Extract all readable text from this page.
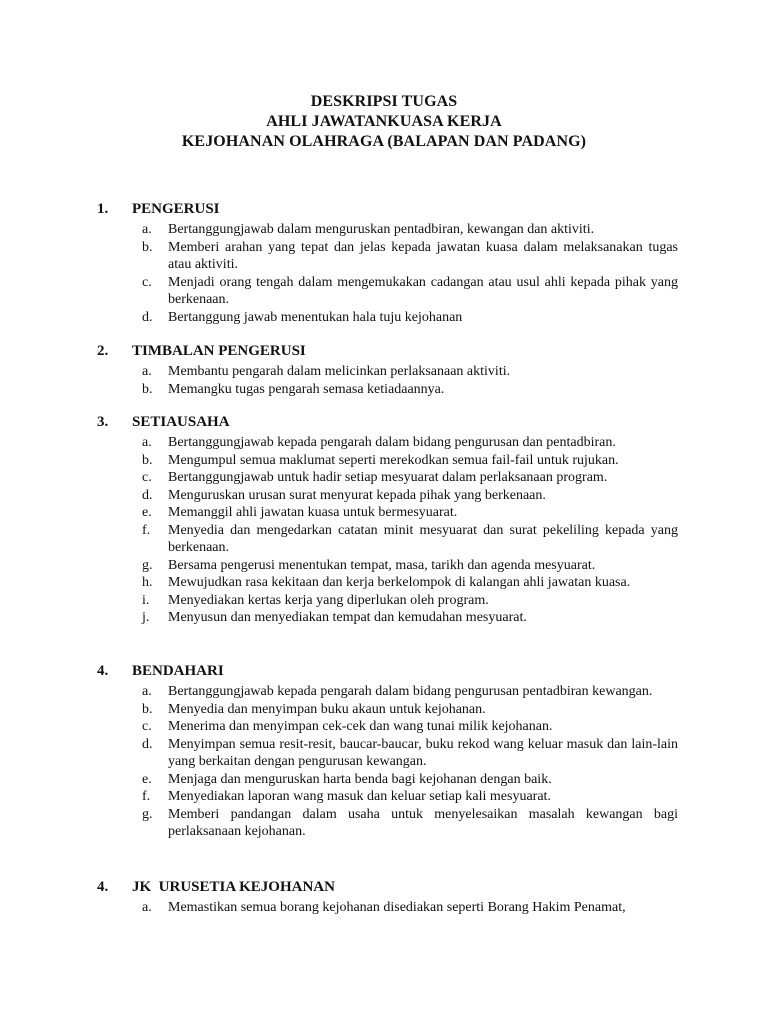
DESKRIPSI TUGAS
AHLI JAWATANKUASA KERJA
KEJOHANAN OLAHRAGA (BALAPAN DAN PADANG)
1. PENGERUSI
a. Bertanggungjawab dalam menguruskan pentadbiran, kewangan dan aktiviti.
b. Memberi arahan yang tepat dan jelas kepada jawatan kuasa dalam melaksanakan tugas atau aktiviti.
c. Menjadi orang tengah dalam mengemukakan cadangan atau usul ahli kepada pihak yang berkenaan.
d. Bertanggung jawab menentukan hala tuju kejohanan
2. TIMBALAN PENGERUSI
a. Membantu pengarah dalam melicinkan perlaksanaan aktiviti.
b. Memangku tugas pengarah semasa ketiadaannya.
3. SETIAUSAHA
a. Bertanggungjawab kepada pengarah dalam bidang pengurusan dan pentadbiran.
b. Mengumpul semua maklumat seperti merekodkan semua fail-fail untuk rujukan.
c. Bertanggungjawab untuk hadir setiap mesyuarat dalam perlaksanaan program.
d. Menguruskan urusan surat menyurat kepada pihak yang berkenaan.
e. Memanggil ahli jawatan kuasa untuk bermesyuarat.
f. Menyedia dan mengedarkan catatan minit mesyuarat dan surat pekeliling kepada yang berkenaan.
g. Bersama pengerusi menentukan tempat, masa, tarikh dan agenda mesyuarat.
h. Mewujudkan rasa kekitaan dan kerja berkelompok di kalangan ahli jawatan kuasa.
i. Menyediakan kertas kerja yang diperlukan oleh program.
j. Menyusun dan menyediakan tempat dan kemudahan mesyuarat.
4. BENDAHARI
a. Bertanggungjawab kepada pengarah dalam bidang pengurusan pentadbiran kewangan.
b. Menyedia dan menyimpan buku akaun untuk kejohanan.
c. Menerima dan menyimpan cek-cek dan wang tunai milik kejohanan.
d. Menyimpan semua resit-resit, baucar-baucar, buku rekod wang keluar masuk dan lain-lain yang berkaitan dengan pengurusan kewangan.
e. Menjaga dan menguruskan harta benda bagi kejohanan dengan baik.
f. Menyediakan laporan wang masuk dan keluar setiap kali mesyuarat.
g. Memberi pandangan dalam usaha untuk menyelesaikan masalah kewangan bagi perlaksanaan kejohanan.
4. JK  URUSETIA KEJOHANAN
a. Memastikan semua borang kejohanan disediakan seperti Borang Hakim Penamat,
